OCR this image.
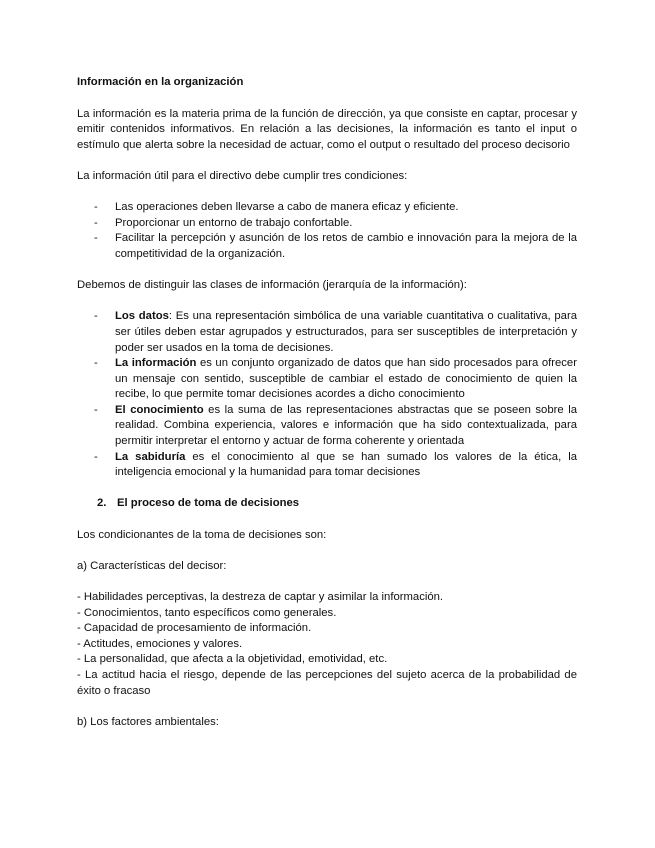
Información en la organización

La información es la materia prima de la función de dirección, ya que consiste en captar, procesar y emitir contenidos informativos. En relación a las decisiones, la información es tanto el input o estímulo que alerta sobre la necesidad de actuar, como el output o resultado del proceso decisorio

La información útil para el directivo debe cumplir tres condiciones:

- Las operaciones deben llevarse a cabo de manera eficaz y eficiente.
- Proporcionar un entorno de trabajo confortable.
- Facilitar la percepción y asunción de los retos de cambio e innovación para la mejora de la competitividad de la organización.

Debemos de distinguir las clases de información (jerarquía de la información):

- Los datos: Es una representación simbólica de una variable cuantitativa o cualitativa, para ser útiles deben estar agrupados y estructurados, para ser susceptibles de interpretación y poder ser usados en la toma de decisiones.
- La información es un conjunto organizado de datos que han sido procesados para ofrecer un mensaje con sentido, susceptible de cambiar el estado de conocimiento de quien la recibe, lo que permite tomar decisiones acordes a dicho conocimiento
- El conocimiento es la suma de las representaciones abstractas que se poseen sobre la realidad. Combina experiencia, valores e información que ha sido contextualizada, para permitir interpretar el entorno y actuar de forma coherente y orientada
- La sabiduría es el conocimiento al que se han sumado los valores de la ética, la inteligencia emocional y la humanidad para tomar decisiones

2. El proceso de toma de decisiones

Los condicionantes de la toma de decisiones son:

a) Características del decisor:

- Habilidades perceptivas, la destreza de captar y asimilar la información.

- Conocimientos, tanto específicos como generales.

- Capacidad de procesamiento de información.

- Actitudes, emociones y valores.

- La personalidad, que afecta a la objetividad, emotividad, etc.

- La actitud hacia el riesgo, depende de las percepciones del sujeto acerca de la probabilidad de éxito o fracaso

b) Los factores ambientales:
